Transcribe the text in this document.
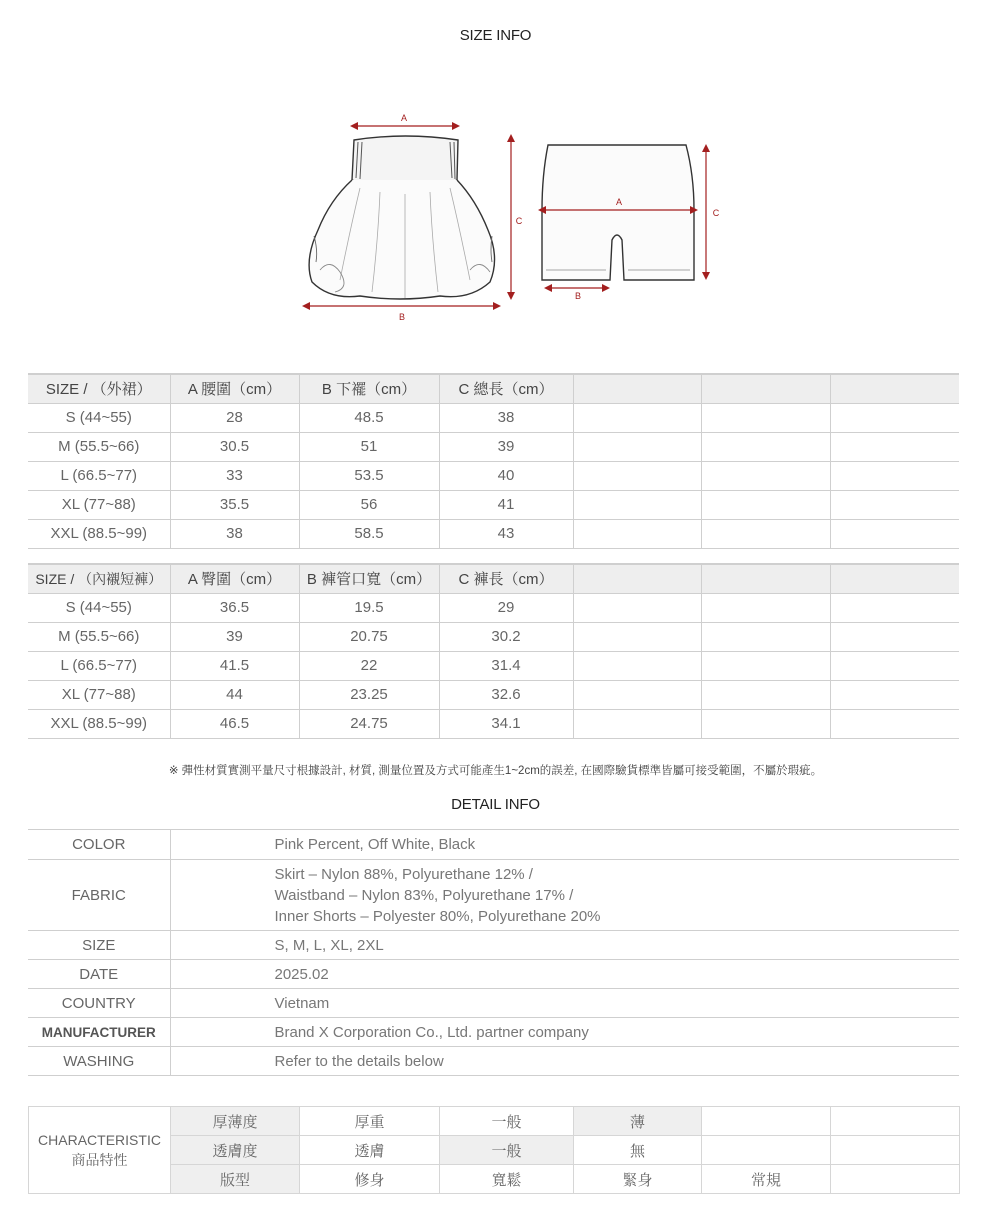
SIZE INFO
A
B
C
A
B
C
SIZE / （外裙）	A 腰圍（cm）	B 下襬（cm）	C 總長（cm）			
S (44~55)	28	48.5	38			
M (55.5~66)	30.5	51	39			
L (66.5~77)	33	53.5	40			
XL (77~88)	35.5	56	41			
XXL (88.5~99)	38	58.5	43			
SIZE / （內襯短褲）	A 臀圍（cm）	B 褲管口寬（cm）	C 褲長（cm）			
S (44~55)	36.5	19.5	29			
M (55.5~66)	39	20.75	30.2			
L (66.5~77)	41.5	22	31.4			
XL (77~88)	44	23.25	32.6			
XXL (88.5~99)	46.5	24.75	34.1			
※ 彈性材質實測平量尺寸根據設計, 材質, 測量位置及方式可能產生1~2cm的誤差, 在國際驗貨標準皆屬可接受範圍，不屬於瑕疵。
DETAIL INFO
COLOR	Pink Percent, Off White, Black
FABRIC	Skirt – Nylon 88%, Polyurethane 12% /
Waistband – Nylon 83%, Polyurethane 17% /
Inner Shorts – Polyester 80%, Polyurethane 20%

SIZE	S, M, L, XL, 2XL
DATE	2025.02
COUNTRY	Vietnam
MANUFACTURER	Brand X Corporation Co., Ltd. partner company
WASHING	Refer to the details below
CHARACTERISTIC
商品特性	厚薄度	厚重	一般	薄		
	透膚度	透膚	一般	無		
	版型	修身	寬鬆	緊身	常規	
